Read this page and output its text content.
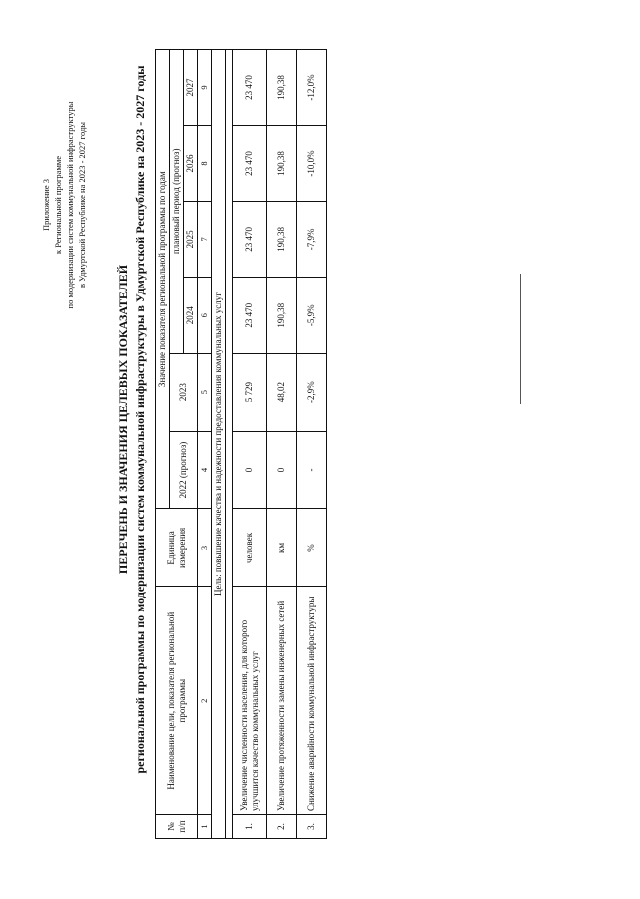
Приложение 3 к Региональной программе по модернизации систем коммунальной инфраструктуры в Удмуртской Республике на 2023 - 2027 годы
ПЕРЕЧЕНЬ И ЗНАЧЕНИЯ ЦЕЛЕВЫХ ПОКАЗАТЕЛЕЙ региональной программы по модернизации систем коммунальной инфраструктуры в Удмуртской Республике на 2023 - 2027 годы
№ п/п	Наименование цели, показателя региональной программы	Единица измерения	Значение показателя региональной программы по годам					
			2022 (прогноз)	2023	плановый период (прогноз)			
					2024	2025	2026	2027
1	2	3	4	5	6	7	8	9
Цель: повышение качества и надежности предоставления коммунальных услуг								

1.	Увеличение численности населения, для которого улучшится качество коммунальных услуг	человек	0	5 729	23 470	23 470	23 470	23 470
2.	Увеличение протяженности замены инженерных сетей	км	0	48,02	190,38	190,38	190,38	190,38
3.	Снижение аварийности коммунальной инфраструктуры	%	-	-2,9%	-5,9%	-7,9%	-10,0%	-12,0%
